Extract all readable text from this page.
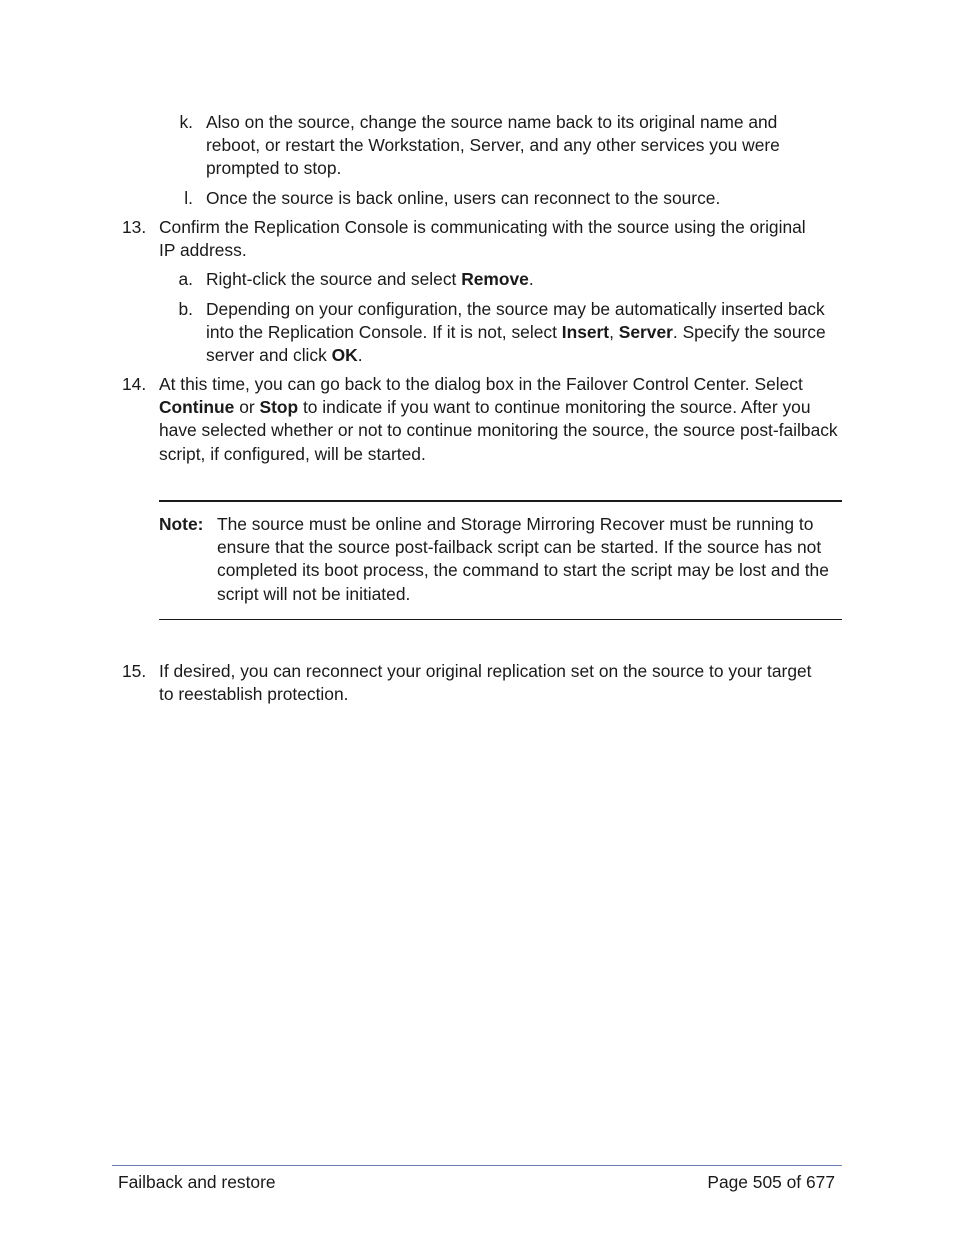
k. Also on the source, change the source name back to its original name and reboot, or restart the Workstation, Server, and any other services you were prompted to stop.
l. Once the source is back online, users can reconnect to the source.
13. Confirm the Replication Console is communicating with the source using the original IP address.
a. Right-click the source and select Remove.
b. Depending on your configuration, the source may be automatically inserted back into the Replication Console. If it is not, select Insert, Server. Specify the source server and click OK.
14. At this time, you can go back to the dialog box in the Failover Control Center. Select Continue or Stop to indicate if you want to continue monitoring the source. After you have selected whether or not to continue monitoring the source, the source post-failback script, if configured, will be started.
Note: The source must be online and Storage Mirroring Recover must be running to ensure that the source post-failback script can be started. If the source has not completed its boot process, the command to start the script may be lost and the script will not be initiated.
15. If desired, you can reconnect your original replication set on the source to your target to reestablish protection.
Failback and restore	Page 505 of 677
